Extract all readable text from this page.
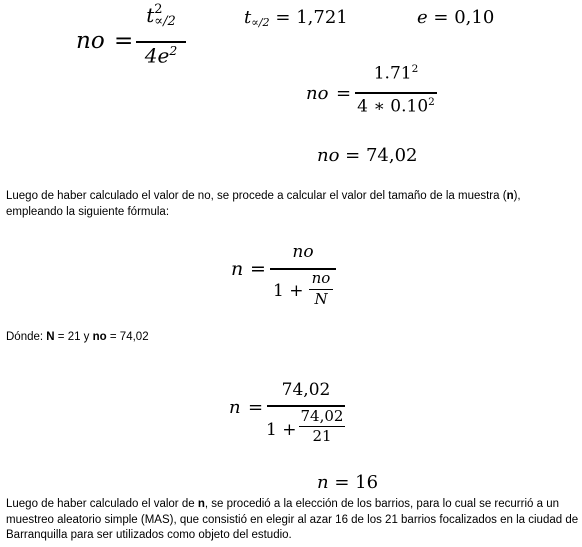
no =
t 2
∝/2
$4e^2$
$t_{\propto/2} = 1,721$	e = 0,10
no =
$1.71^2$
4 ∗ 0.10$^2$
no = 74,02
Luego de haber calculado el valor de no, se procede a calcular el valor del tamaño de la muestra (n), empleando la siguiente fórmula:
n =
no
1 +
no
N
Dónde: N = 21 y no = 74,02
n =
74,02
1 +
74,02
21
n = 16
Luego de haber calculado el valor de n, se procedió a la elección de los barrios, para lo cual se recurrió a un muestreo aleatorio simple (MAS), que consistió en elegir al azar 16 de los 21 barrios focalizados en la ciudad de Barranquilla para ser utilizados como objeto del estudio.
